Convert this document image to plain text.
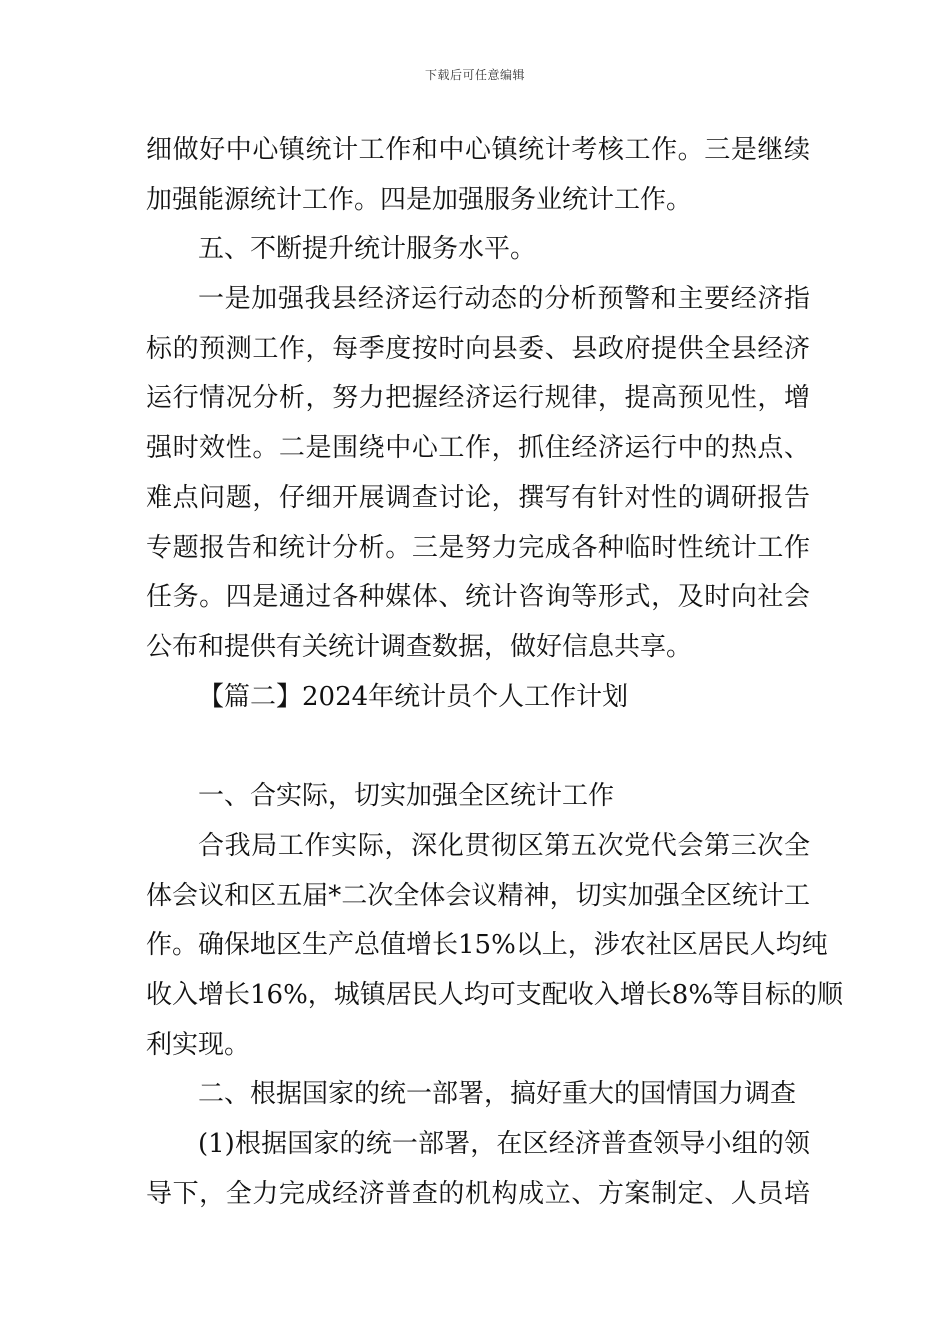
下载后可任意编辑
细做好中心镇统计工作和中心镇统计考核工作。三是继续
加强能源统计工作。四是加强服务业统计工作。
五、不断提升统计服务水平。
一是加强我县经济运行动态的分析预警和主要经济指
标的预测工作，每季度按时向县委、县政府提供全县经济
运行情况分析，努力把握经济运行规律，提高预见性，增
强时效性。二是围绕中心工作，抓住经济运行中的热点、
难点问题，仔细开展调查讨论，撰写有针对性的调研报告
专题报告和统计分析。三是努力完成各种临时性统计工作
任务。四是通过各种媒体、统计咨询等形式，及时向社会
公布和提供有关统计调查数据，做好信息共享。
【篇二】2024年统计员个人工作计划
一、合实际，切实加强全区统计工作
合我局工作实际，深化贯彻区第五次党代会第三次全
体会议和区五届*二次全体会议精神，切实加强全区统计工
作。确保地区生产总值增长15%以上，涉农社区居民人均纯
收入增长16%，城镇居民人均可支配收入增长8%等目标的顺
利实现。
二、根据国家的统一部署，搞好重大的国情国力调查
(1)根据国家的统一部署，在区经济普查领导小组的领
导下，全力完成经济普查的机构成立、方案制定、人员培
